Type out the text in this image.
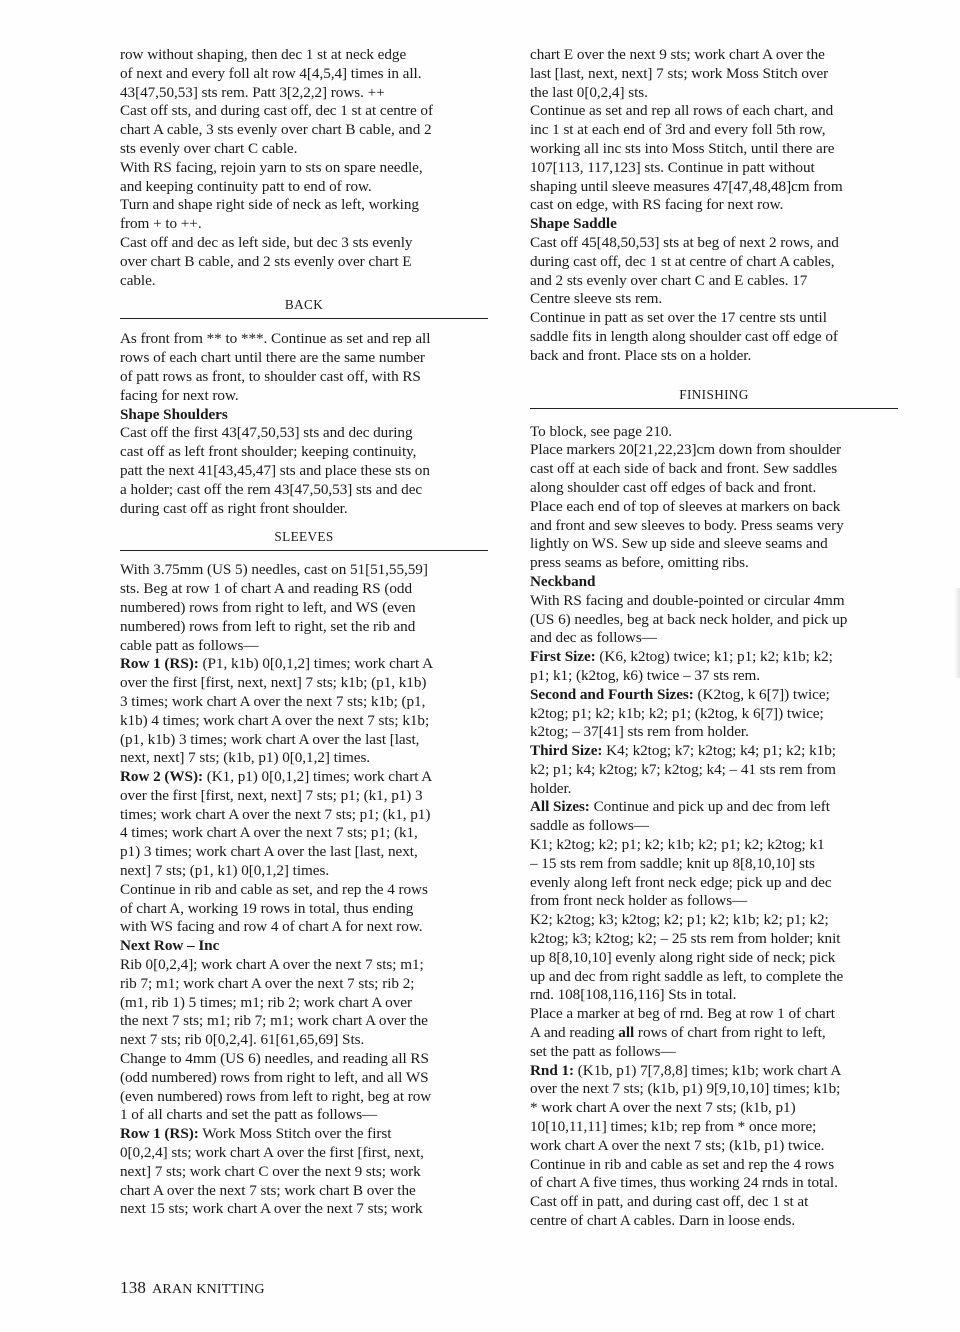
row without shaping, then dec 1 st at neck edge
of next and every foll alt row 4[4,5,4] times in all.
43[47,50,53] sts rem. Patt 3[2,2,2] rows. ++
Cast off sts, and during cast off, dec 1 st at centre of
chart A cable, 3 sts evenly over chart B cable, and 2
sts evenly over chart C cable.
With RS facing, rejoin yarn to sts on spare needle,
and keeping continuity patt to end of row.
Turn and shape right side of neck as left, working
from + to ++.
Cast off and dec as left side, but dec 3 sts evenly
over chart B cable, and 2 sts evenly over chart E
cable.

BACK

As front from ** to ***. Continue as set and rep all
rows of each chart until there are the same number
of patt rows as front, to shoulder cast off, with RS
facing for next row.

Shape Shoulders

Cast off the first 43[47,50,53] sts and dec during
cast off as left front shoulder; keeping continuity,
patt the next 41[43,45,47] sts and place these sts on
a holder; cast off the rem 43[47,50,53] sts and dec
during cast off as right front shoulder.

SLEEVES

With 3.75mm (US 5) needles, cast on 51[51,55,59]
sts. Beg at row 1 of chart A and reading RS (odd
numbered) rows from right to left, and WS (even
numbered) rows from left to right, set the rib and
cable patt as follows—

Row 1 (RS): (P1, k1b) 0[0,1,2] times; work chart A
over the first [first, next, next] 7 sts; k1b; (p1, k1b)
3 times; work chart A over the next 7 sts; k1b; (p1,
k1b) 4 times; work chart A over the next 7 sts; k1b;
(p1, k1b) 3 times; work chart A over the last [last,
next, next] 7 sts; (k1b, p1) 0[0,1,2] times.

Row 2 (WS): (K1, p1) 0[0,1,2] times; work chart A
over the first [first, next, next] 7 sts; p1; (k1, p1) 3
times; work chart A over the next 7 sts; p1; (k1, p1)
4 times; work chart A over the next 7 sts; p1; (k1,
p1) 3 times; work chart A over the last [last, next,
next] 7 sts; (p1, k1) 0[0,1,2] times.

Continue in rib and cable as set, and rep the 4 rows
of chart A, working 19 rows in total, thus ending
with WS facing and row 4 of chart A for next row.

Next Row – Inc

Rib 0[0,2,4]; work chart A over the next 7 sts; m1;
rib 7; m1; work chart A over the next 7 sts; rib 2;
(m1, rib 1) 5 times; m1; rib 2; work chart A over
the next 7 sts; m1; rib 7; m1; work chart A over the
next 7 sts; rib 0[0,2,4]. 61[61,65,69] Sts.
Change to 4mm (US 6) needles, and reading all RS
(odd numbered) rows from right to left, and all WS
(even numbered) rows from left to right, beg at row
1 of all charts and set the patt as follows—

Row 1 (RS): Work Moss Stitch over the first
0[0,2,4] sts; work chart A over the first [first, next,
next] 7 sts; work chart C over the next 9 sts; work
chart A over the next 7 sts; work chart B over the
next 15 sts; work chart A over the next 7 sts; work

chart E over the next 9 sts; work chart A over the
last [last, next, next] 7 sts; work Moss Stitch over
the last 0[0,2,4] sts.
Continue as set and rep all rows of each chart, and
inc 1 st at each end of 3rd and every foll 5th row,
working all inc sts into Moss Stitch, until there are
107[113, 117,123] sts. Continue in patt without
shaping until sleeve measures 47[47,48,48]cm from
cast on edge, with RS facing for next row.

Shape Saddle

Cast off 45[48,50,53] sts at beg of next 2 rows, and
during cast off, dec 1 st at centre of chart A cables,
and 2 sts evenly over chart C and E cables. 17
Centre sleeve sts rem.
Continue in patt as set over the 17 centre sts until
saddle fits in length along shoulder cast off edge of
back and front. Place sts on a holder.

FINISHING

To block, see page 210.
Place markers 20[21,22,23]cm down from shoulder
cast off at each side of back and front. Sew saddles
along shoulder cast off edges of back and front.
Place each end of top of sleeves at markers on back
and front and sew sleeves to body. Press seams very
lightly on WS. Sew up side and sleeve seams and
press seams as before, omitting ribs.

Neckband

With RS facing and double-pointed or circular 4mm
(US 6) needles, beg at back neck holder, and pick up
and dec as follows—

First Size: (K6, k2tog) twice; k1; p1; k2; k1b; k2;
p1; k1; (k2tog, k6) twice – 37 sts rem.

Second and Fourth Sizes: (K2tog, k 6[7]) twice;
k2tog; p1; k2; k1b; k2; p1; (k2tog, k 6[7]) twice;
k2tog; – 37[41] sts rem from holder.

Third Size: K4; k2tog; k7; k2tog; k4; p1; k2; k1b;
k2; p1; k4; k2tog; k7; k2tog; k4; – 41 sts rem from
holder.

All Sizes: Continue and pick up and dec from left
saddle as follows—
K1; k2tog; k2; p1; k2; k1b; k2; p1; k2; k2tog; k1
– 15 sts rem from saddle; knit up 8[8,10,10] sts
evenly along left front neck edge; pick up and dec
from front neck holder as follows—
K2; k2tog; k3; k2tog; k2; p1; k2; k1b; k2; p1; k2;
k2tog; k3; k2tog; k2; – 25 sts rem from holder; knit
up 8[8,10,10] evenly along right side of neck; pick
up and dec from right saddle as left, to complete the
rnd. 108[108,116,116] Sts in total.

Place a marker at beg of rnd. Beg at row 1 of chart
A and reading all rows of chart from right to left,
set the patt as follows—

Rnd 1: (K1b, p1) 7[7,8,8] times; k1b; work chart A
over the next 7 sts; (k1b, p1) 9[9,10,10] times; k1b;
* work chart A over the next 7 sts; (k1b, p1)
10[10,11,11] times; k1b; rep from * once more;
work chart A over the next 7 sts; (k1b, p1) twice.
Continue in rib and cable as set and rep the 4 rows
of chart A five times, thus working 24 rnds in total.
Cast off in patt, and during cast off, dec 1 st at
centre of chart A cables. Darn in loose ends.

138 ARAN KNITTING
